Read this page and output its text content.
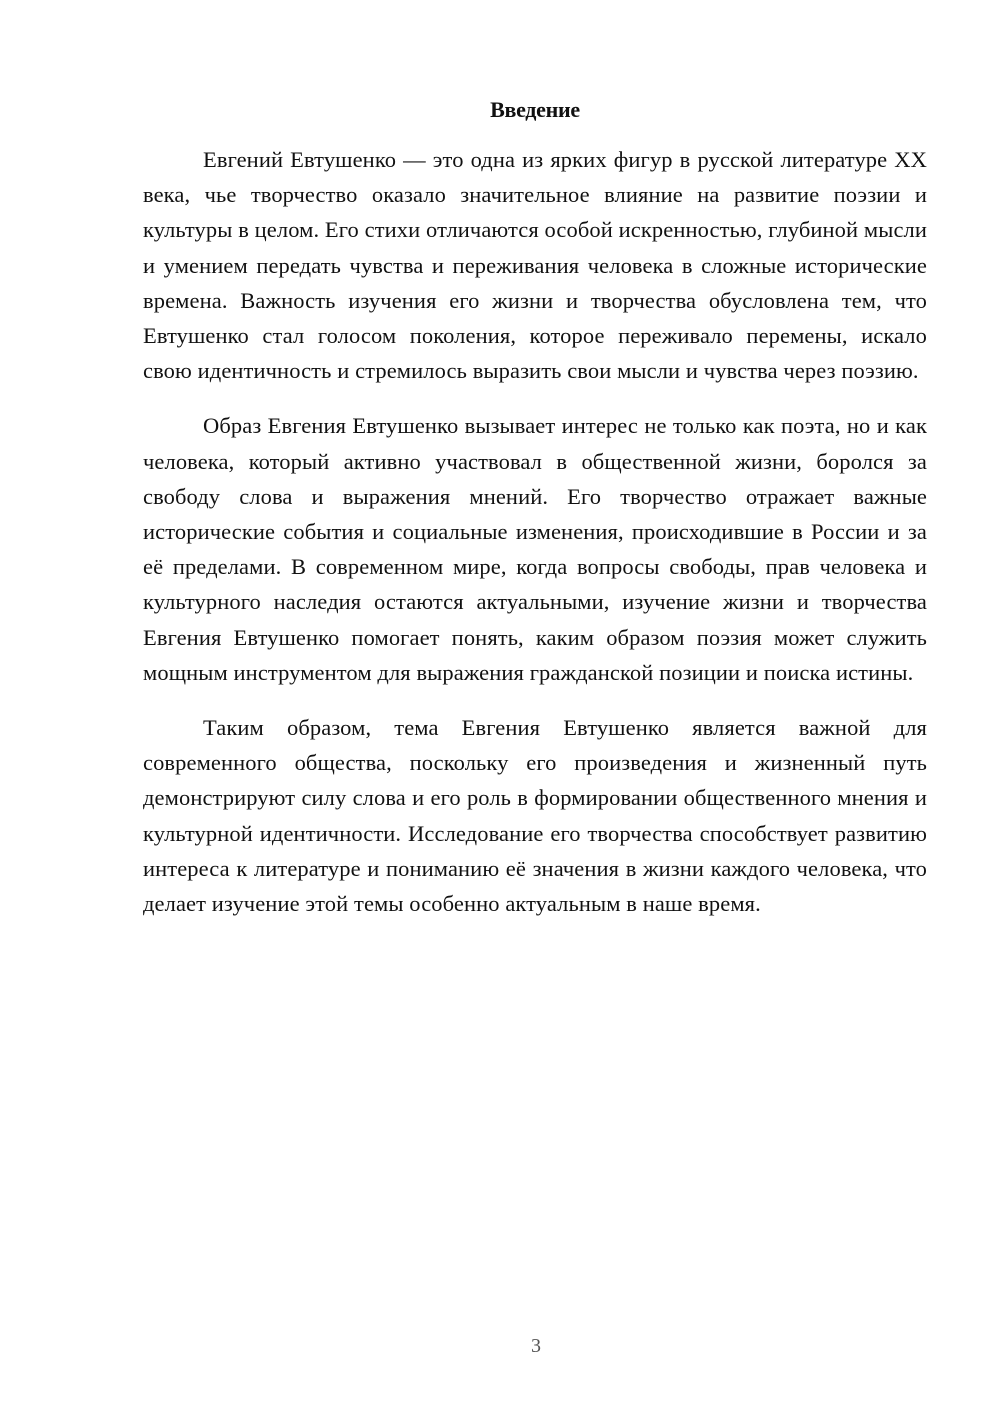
Введение

Евгений Евтушенко — это одна из ярких фигур в русской литературе XX века, чье творчество оказало значительное влияние на развитие поэзии и культуры в целом. Его стихи отличаются особой искренностью, глубиной мысли и умением передать чувства и переживания человека в сложные исторические времена. Важность изучения его жизни и творчества обусловлена тем, что Евтушенко стал голосом поколения, которое переживало перемены, искало свою идентичность и стремилось выразить свои мысли и чувства через поэзию.

Образ Евгения Евтушенко вызывает интерес не только как поэта, но и как человека, который активно участвовал в общественной жизни, боролся за свободу слова и выражения мнений. Его творчество отражает важные исторические события и социальные изменения, происходившие в России и за её пределами. В современном мире, когда вопросы свободы, прав человека и культурного наследия остаются актуальными, изучение жизни и творчества Евгения Евтушенко помогает понять, каким образом поэзия может служить мощным инструментом для выражения гражданской позиции и поиска истины.

Таким образом, тема Евгения Евтушенко является важной для современного общества, поскольку его произведения и жизненный путь демонстрируют силу слова и его роль в формировании общественного мнения и культурной идентичности. Исследование его творчества способствует развитию интереса к литературе и пониманию её значения в жизни каждого человека, что делает изучение этой темы особенно актуальным в наше время.

3
